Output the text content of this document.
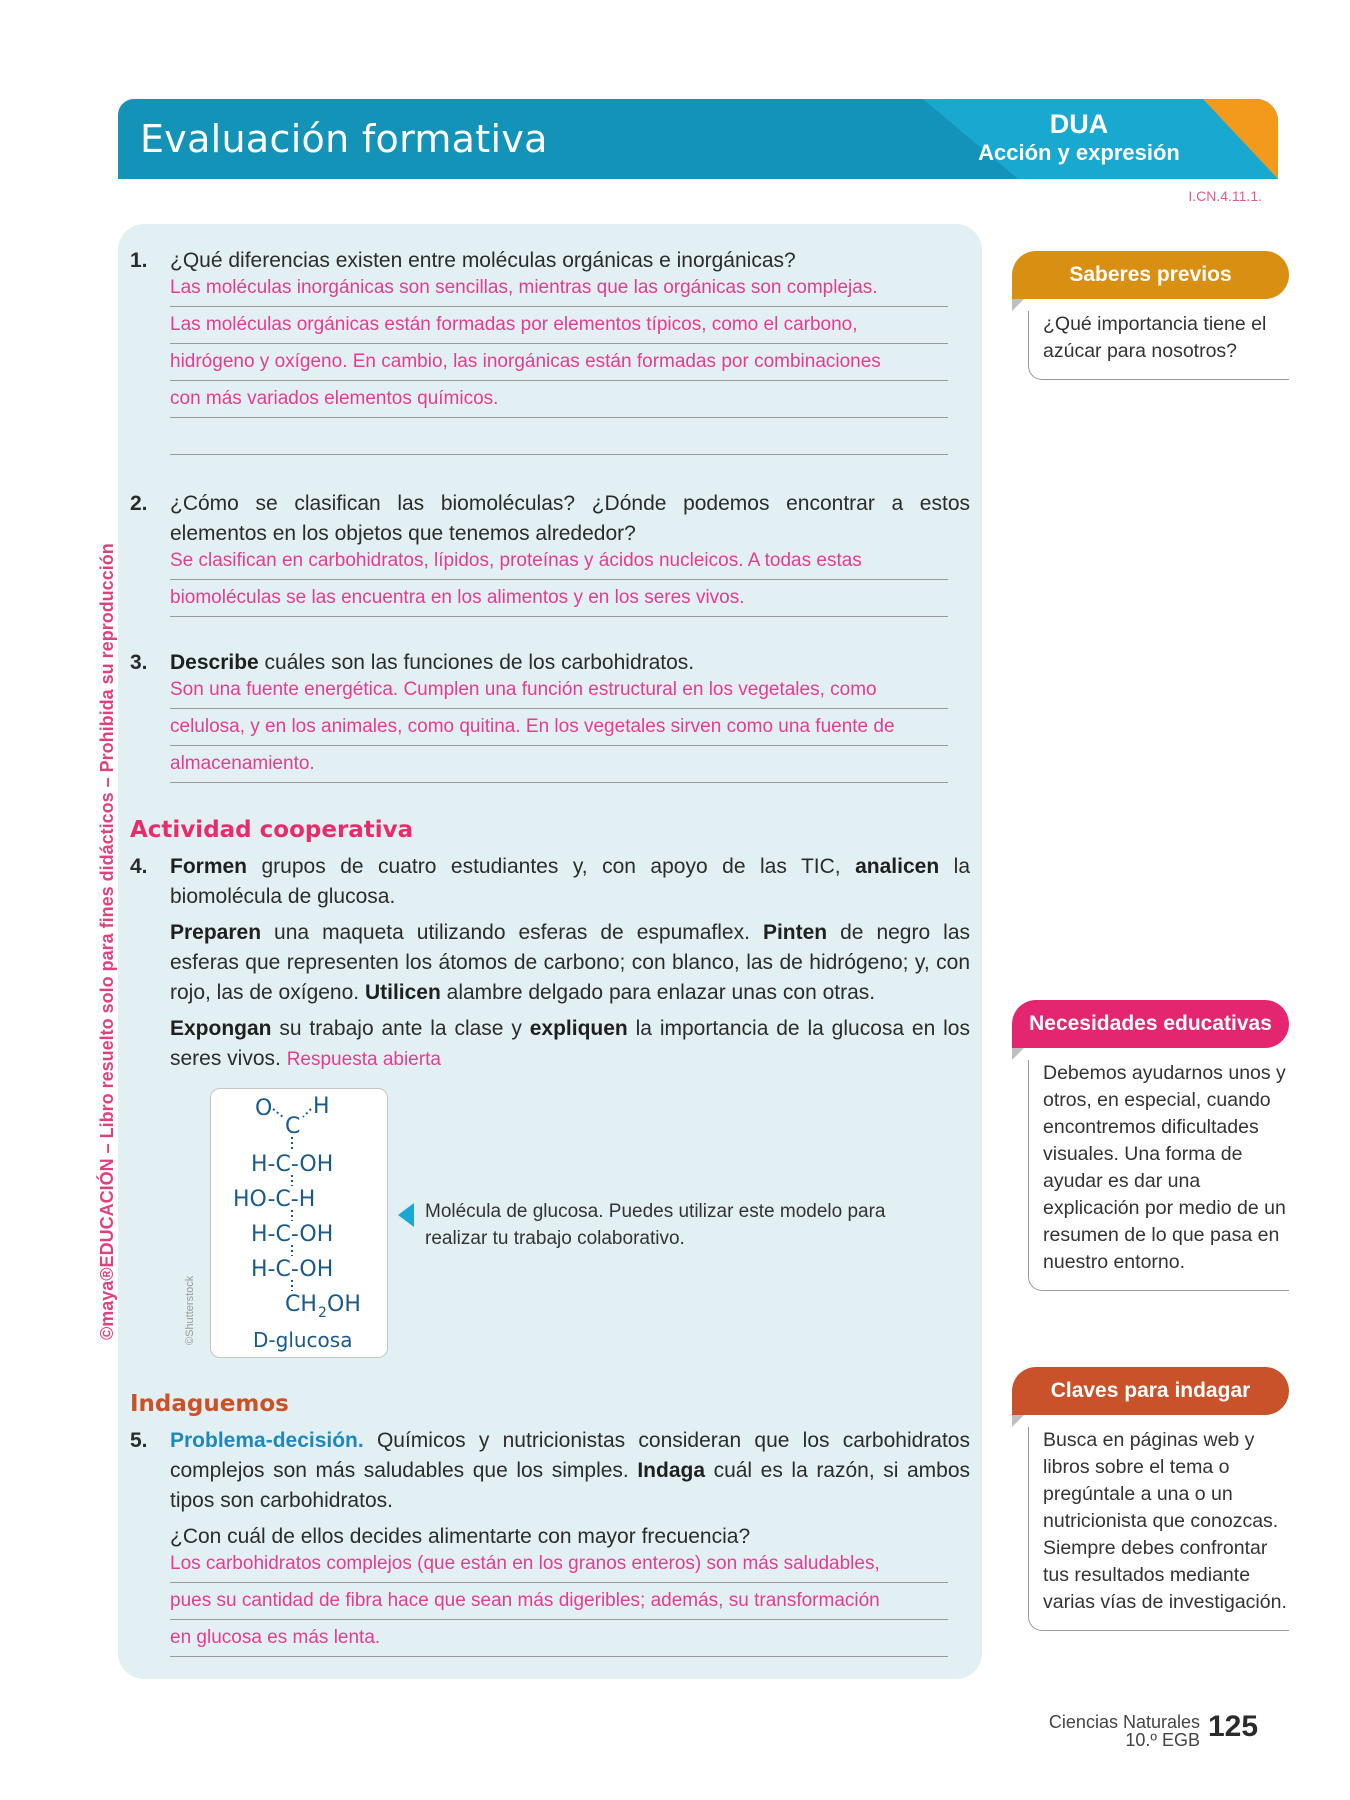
Evaluación formativa	DUA
Acción y expresión
I.CN.4.11.1.
©maya®EDUCACIÓN – Libro resuelto solo para fines didácticos – Prohibida su reproducción
1. ¿Qué diferencias existen entre moléculas orgánicas e inorgánicas?
Las moléculas inorgánicas son sencillas, mientras que las orgánicas son complejas.
Las moléculas orgánicas están formadas por elementos típicos, como el carbono,
hidrógeno y oxígeno. En cambio, las inorgánicas están formadas por combinaciones
con más variados elementos químicos.
2. ¿Cómo se clasifican las biomoléculas? ¿Dónde podemos encontrar a estos elementos en los objetos que tenemos alrededor?
Se clasifican en carbohidratos, lípidos, proteínas y ácidos nucleicos. A todas estas
biomoléculas se las encuentra en los alimentos y en los seres vivos.
3. Describe cuáles son las funciones de los carbohidratos.
Son una fuente energética. Cumplen una función estructural en los vegetales, como
celulosa, y en los animales, como quitina. En los vegetales sirven como una fuente de
almacenamiento.
Actividad cooperativa
4. Formen grupos de cuatro estudiantes y, con apoyo de las TIC, analicen la biomolécula de glucosa.
Preparen una maqueta utilizando esferas de espumaflex. Pinten de negro las esferas que representen los átomos de carbono; con blanco, las de hidrógeno; y, con rojo, las de oxígeno. Utilicen alambre delgado para enlazar unas con otras.
Expongan su trabajo ante la clase y expliquen la importancia de la glucosa en los seres vivos. Respuesta abierta
O H
C
H-C-OH
HO-C-H
H-C-OH
H-C-OH
CH 2 OH
D-glucosa
©Shutterstock
Molécula de glucosa. Puedes utilizar este modelo para realizar tu trabajo colaborativo.
Indaguemos
5. Problema-decisión. Químicos y nutricionistas consideran que los carbohidratos complejos son más saludables que los simples. Indaga cuál es la razón, si ambos tipos son carbohidratos.
¿Con cuál de ellos decides alimentarte con mayor frecuencia?
Los carbohidratos complejos (que están en los granos enteros) son más saludables,
pues su cantidad de fibra hace que sean más digeribles; además, su transformación
en glucosa es más lenta.
Saberes previos
¿Qué importancia tiene el azúcar para nosotros?
Necesidades educativas
Debemos ayudarnos unos y otros, en especial, cuando encontremos dificultades visuales. Una forma de ayudar es dar una explicación por medio de un resumen de lo que pasa en nuestro entorno.
Claves para indagar
Busca en páginas web y libros sobre el tema o pregúntale a una o un nutricionista que conozcas. Siempre debes confrontar tus resultados mediante varias vías de investigación.
Ciencias Naturales
10.º EGB 125
